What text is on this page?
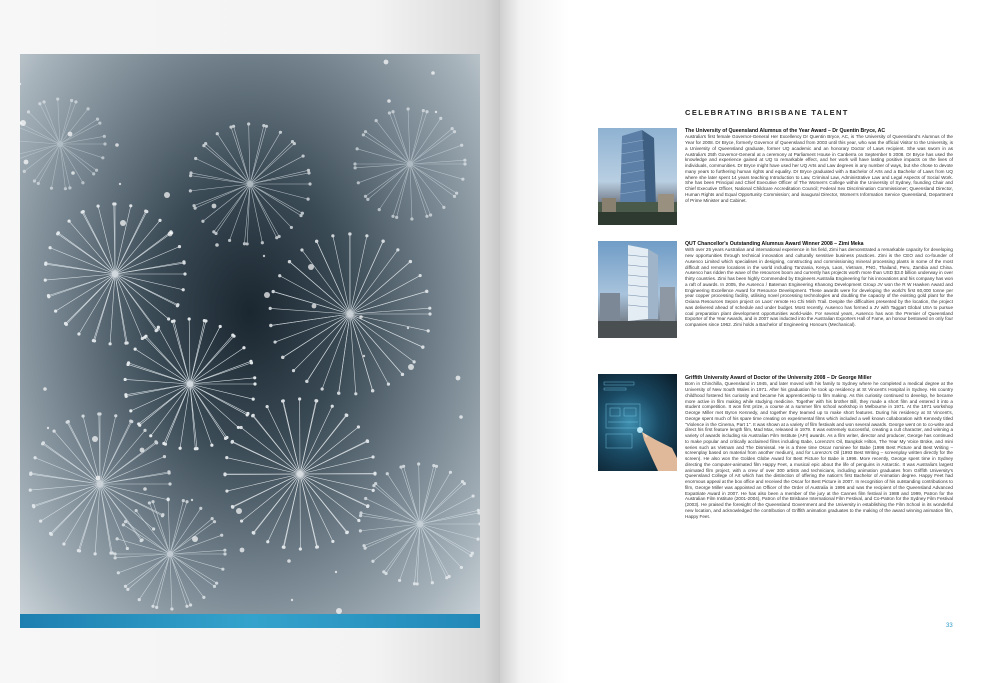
CELEBRATING BRISBANE TALENT
The University of Queensland Alumnus of the Year Award – Dr Quentin Bryce, AC

Australia's first female Governor-General Her Excellency Dr Quentin Bryce, AC, is The University of Queensland's Alumnus of the Year for 2008. Dr Bryce, formerly Governor of Queensland from 2003 until this year, who was the official Visitor to the University, is a University of Queensland graduate, former UQ academic and an honorary Doctor of Laws recipient. She was sworn in as Australia's 25th Governor-General at a ceremony at Parliament House in Canberra on September 5 2008. Dr Bryce has used the knowledge and experience gained at UQ to remarkable effect, and her work will have lasting positive impacts on the lives of individuals, communities. Dr Bryce might have used her UQ Arts and Law degrees in any number of ways, but she chose to devote many years to furthering human rights and equality. Dr Bryce graduated with a Bachelor of Arts and a Bachelor of Laws from UQ where she later spent 14 years teaching Introduction to Law, Criminal Law, Administrative Law and Legal Aspects of Social Work. She has been Principal and Chief Executive Officer of The Women's College within the University of Sydney, founding Chair and Chief Executive Officer, National Childcare Accreditation Council; Federal Sex Discrimination Commissioner; Queensland Director, Human Rights and Equal Opportunity Commission; and inaugural Director, Women's Information Service Queensland, Department of Prime Minister and Cabinet.

QUT Chancellor's Outstanding Alumnus Award Winner 2008 – Zimi Meka

With over 25 years Australian and international experience in his field, Zimi has demonstrated a remarkable capacity for developing new opportunities through technical innovation and culturally sensitive business practices. Zimi is the CEO and co-founder of Ausenco Limited which specialises in designing, constructing and commissioning mineral processing plants in some of the most difficult and remote locations in the world including Tanzania, Kenya, Laos, Vietnam, PNG, Thailand, Peru, Zambia and China. Ausenco has ridden the wave of the resources boom and currently has projects worth more than USD $3.0 billion underway in over thirty countries. Zimi has been highly Commended by Engineers Australia Engineering for his innovations and his company has won a raft of awards. In 2005, the Ausenco / Bateman Engineering Khanong Development Group JV won the R W Hawken Award and Engineering Excellence Award for Resource Development. These awards were for developing the world's first 60,000 tonne per year copper processing facility, utilising novel processing technologies and doubling the capacity of the existing gold plant for the Oxiana Resources Sepon project on Laos' remote Ho Chi Minh Trail. Despite the difficulties presented by the location, the project was delivered ahead of schedule and under budget. Most recently, Ausenco has formed a JV with Taggart Global USA to pursue coal preparation plant development opportunities world-wide. For several years, Ausenco has won the Premier of Queensland Exporter of the Year Awards, and in 2007 was inducted into the Australian Exporters Hall of Fame, an honour bestowed on only four companies since 1962. Zimi holds a Bachelor of Engineering Honours (Mechanical).

Griffith University Award of Doctor of the University 2008 – Dr George Miller

Born in Chinchilla, Queensland in 1945, and later moved with his family to Sydney where he completed a medical degree at the University of New South Wales in 1971. After his graduation he took up residency at St Vincent's Hospital in Sydney. His country childhood fostered his curiosity and became his apprenticeship to film making. As this curiosity continued to develop, he became more active in film making while studying medicine. Together with his brother Bill, they made a short film and entered it into a student competition. It won first prize, a course at a summer film school workshop in Melbourne in 1971. At the 1971 workshop George Miller met Byron Kennedy, and together they teamed up to make short features. During his residency at St Vincent's, George spent much of his spare time creating on experimental films which included a well known collaboration with Kennedy titled "Violence in the Cinema, Part 1". It was shown at a variety of film festivals and won several awards. George went on to co-write and direct his first feature length film, Mad Max, released in 1979. It was extremely successful, creating a cult character, and winning a variety of awards including six Australian Film Institute (AFI) awards. As a film writer, director and producer, George has continued to make popular and critically acclaimed films including Babe, Lorenzo's Oil, Bangkok Hilton, The Year My Voice Broke, and mini series such as Vietnam and The Dismissal. He is a three time Oscar nominee for Babe (1996 Best Picture and Best Writing – screenplay based on material from another medium), and for Lorenzo's Oil (1993 Best Writing – screenplay written directly for the screen). He also won the Golden Globe Award for Best Picture for Babe in 1996. More recently, George spent time in Sydney directing the computer-animated film Happy Feet, a musical epic about the life of penguins in Antarctic. It was Australia's largest animated film project, with a crew of over 300 artists and technicians, including animation graduates from Griffith University's Queensland College of Art which has the distinction of offering the nation's first Bachelor of Animation degree. Happy Feet had enormous appeal at the box office and received the Oscar for Best Picture in 2007. In recognition of his outstanding contributions to film, George Miller was appointed an Officer of the Order of Australia in 1996 and was the recipient of the Queensland Advanced Expatriate Award in 2007. He has also been a member of the jury at the Cannes film festival in 1988 and 1999, Patron for the Australian Film Institute (2001-2004), Patron of the Brisbane International Film Festival, and Co-Patron for the Sydney Film Festival (2003). He praised the foresight of the Queensland Government and the University in establishing the Film School in its wonderful new location, and acknowledged the contribution of Griffith animation graduates to the making of the award winning animation film, Happy Feet.

33
